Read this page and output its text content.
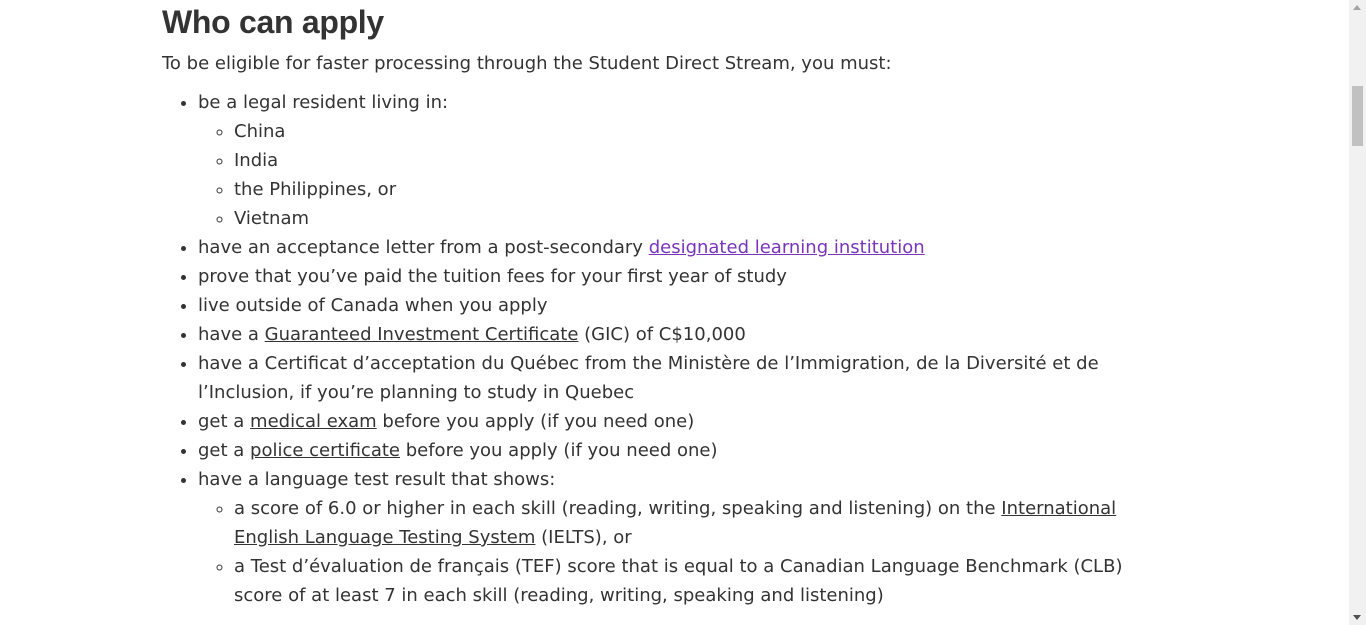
Who can apply

To be eligible for faster processing through the Student Direct Stream, you must:

• be a legal resident living in:
◦ China
◦ India
◦ the Philippines, or
◦ Vietnam
• have an acceptance letter from a post-secondary designated learning institution
• prove that you’ve paid the tuition fees for your first year of study
• live outside of Canada when you apply
• have a Guaranteed Investment Certificate (GIC) of C$10,000
• have a Certificat d’acceptation du Québec from the Ministère de l’Immigration, de la Diversité et de l’Inclusion, if you’re planning to study in Quebec
• get a medical exam before you apply (if you need one)
• get a police certificate before you apply (if you need one)
• have a language test result that shows:
◦ a score of 6.0 or higher in each skill (reading, writing, speaking and listening) on the International English Language Testing System (IELTS), or
◦ a Test d’évaluation de français (TEF) score that is equal to a Canadian Language Benchmark (CLB) score of at least 7 in each skill (reading, writing, speaking and listening)
